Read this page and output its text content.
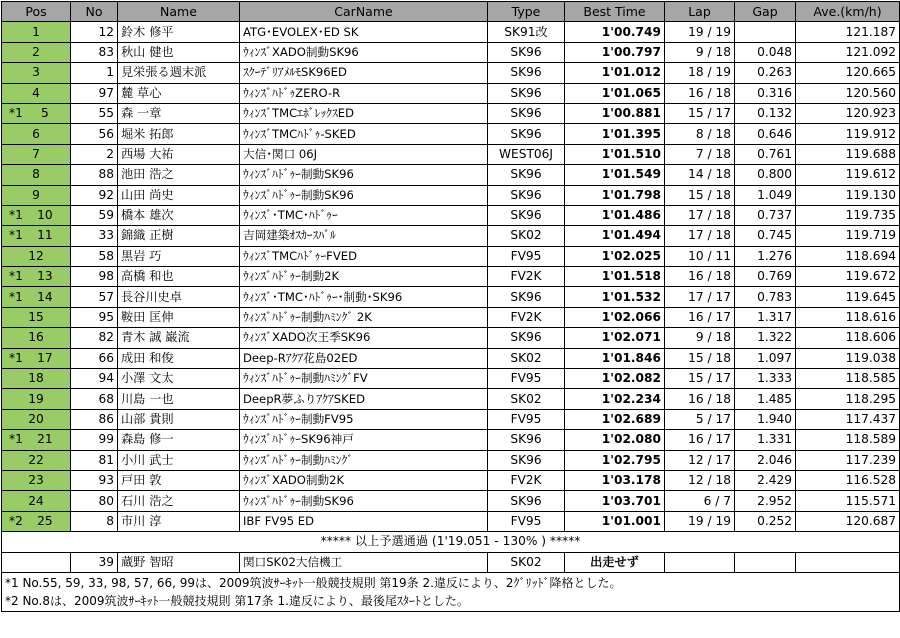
Pos	No	Name	CarName	Type	Best Time	Lap	Gap	Ave.(km/h)

1	12	鈴木 修平	ATG･EVOLEX･ED SK	SK91改	1'00.749	19 / 19		121.187

2	83	秋山 健也	ｳｨﾝｽﾞXADO制動SK96	SK96	1'00.797	9 / 18	0.048	121.092

3	1	見栄張る週末派	ｽｸｰﾃﾞﾘｱﾒﾙﾓSK96ED	SK96	1'01.012	18 / 19	0.263	120.665

4	97	麓 草心	ｳｨﾝｽﾞﾊﾄﾞｩZERO-R	SK96	1'01.065	16 / 18	0.316	120.560

*1 5	55	森 一章	ｳｨﾝｽﾞTMCｴﾎﾞﾚｯｸｽED	SK96	1'00.881	15 / 17	0.132	120.923

6	56	堀米 拓郎	ｳｨﾝｽﾞTMCﾊﾄﾞｩ-SKED	SK96	1'01.395	8 / 18	0.646	119.912

7	2	西場 大祐	大信･関口 06J	WEST06J	1'01.510	7 / 18	0.761	119.688

8	88	池田 浩之	ｳｨﾝｽﾞﾊﾄﾞｩｰ制動SK96	SK96	1'01.549	14 / 18	0.800	119.612

9	92	山田 尚史	ｳｨﾝｽﾞﾊﾄﾞｩｰ制動SK96	SK96	1'01.798	15 / 18	1.049	119.130

*1 10	59	橋本 雄次	ｳｨﾝｽﾞ･TMC･ﾊﾄﾞｩｰ	SK96	1'01.486	17 / 18	0.737	119.735

*1 11	33	錦織 正樹	吉岡建築ｵｽｶｰｽﾊﾞﾙ	SK02	1'01.494	17 / 18	0.745	119.719

12	58	黒岩 巧	ｳｨﾝｽﾞTMCﾊﾄﾞｩｰFVED	FV95	1'02.025	10 / 11	1.276	118.694

*1 13	98	高橋 和也	ｳｨﾝｽﾞﾊﾄﾞｩｰ制動2K	FV2K	1'01.518	16 / 18	0.769	119.672

*1 14	57	長谷川史卓	ｳｨﾝｽﾞ･TMC･ﾊﾄﾞｩｰ･制動･SK96	SK96	1'01.532	17 / 17	0.783	119.645

15	95	鞍田 匡伸	ｳｨﾝｽﾞﾊﾄﾞｩｰ制動ﾊﾐﾝｸﾞ 2K	FV2K	1'02.066	16 / 17	1.317	118.616

16	82	青木 誠 巌流	ｳｨﾝｽﾞXADO次王季SK96	SK96	1'02.071	9 / 18	1.322	118.606

*1 17	66	成田 和俊	Deep-Rｱｸｱ花島02ED	SK02	1'01.846	15 / 18	1.097	119.038

18	94	小澤 文太	ｳｨﾝｽﾞﾊﾄﾞｩｰ制動ﾊﾐﾝｸﾞFV	FV95	1'02.082	15 / 17	1.333	118.585

19	68	川島 一也	DeepR夢ふりｱｸｱSKED	SK02	1'02.234	16 / 18	1.485	118.295

20	86	山部 貴則	ｳｨﾝｽﾞﾊﾄﾞｩｰ制動FV95	FV95	1'02.689	5 / 17	1.940	117.437

*1 21	99	森島 修一	ｳｨﾝｽﾞﾊﾄﾞｩｰSK96神戸	SK96	1'02.080	16 / 17	1.331	118.589

22	81	小川 武士	ｳｨﾝｽﾞﾊﾄﾞｩｰ制動ﾊﾐﾝｸﾞ	SK96	1'02.795	12 / 17	2.046	117.239

23	93	戸田 敦	ｳｨﾝｽﾞXADO制動2K	FV2K	1'03.178	12 / 18	2.429	116.528

24	80	石川 浩之	ｳｨﾝｽﾞﾊﾄﾞｩｰ制動SK96	SK96	1'03.701	6 / 7	2.952	115.571

*2 25	8	市川 淳	IBF FV95 ED	FV95	1'01.001	19 / 19	0.252	120.687
***** 以上予選通過 (1'19.051 - 130% ) *****								
	39	蔵野 智昭	関口SK02大信機工	SK02	出走せず			
*1 No.55, 59, 33, 98, 57, 66, 99は、2009筑波ｻｰｷｯﾄ一般競技規則 第19条 2.違反により、2ｸﾞﾘｯﾄﾞ降格とした。
*2 No.8は、2009筑波ｻｰｷｯﾄ一般競技規則 第17条 1.違反により、最後尾ｽﾀｰﾄとした。
